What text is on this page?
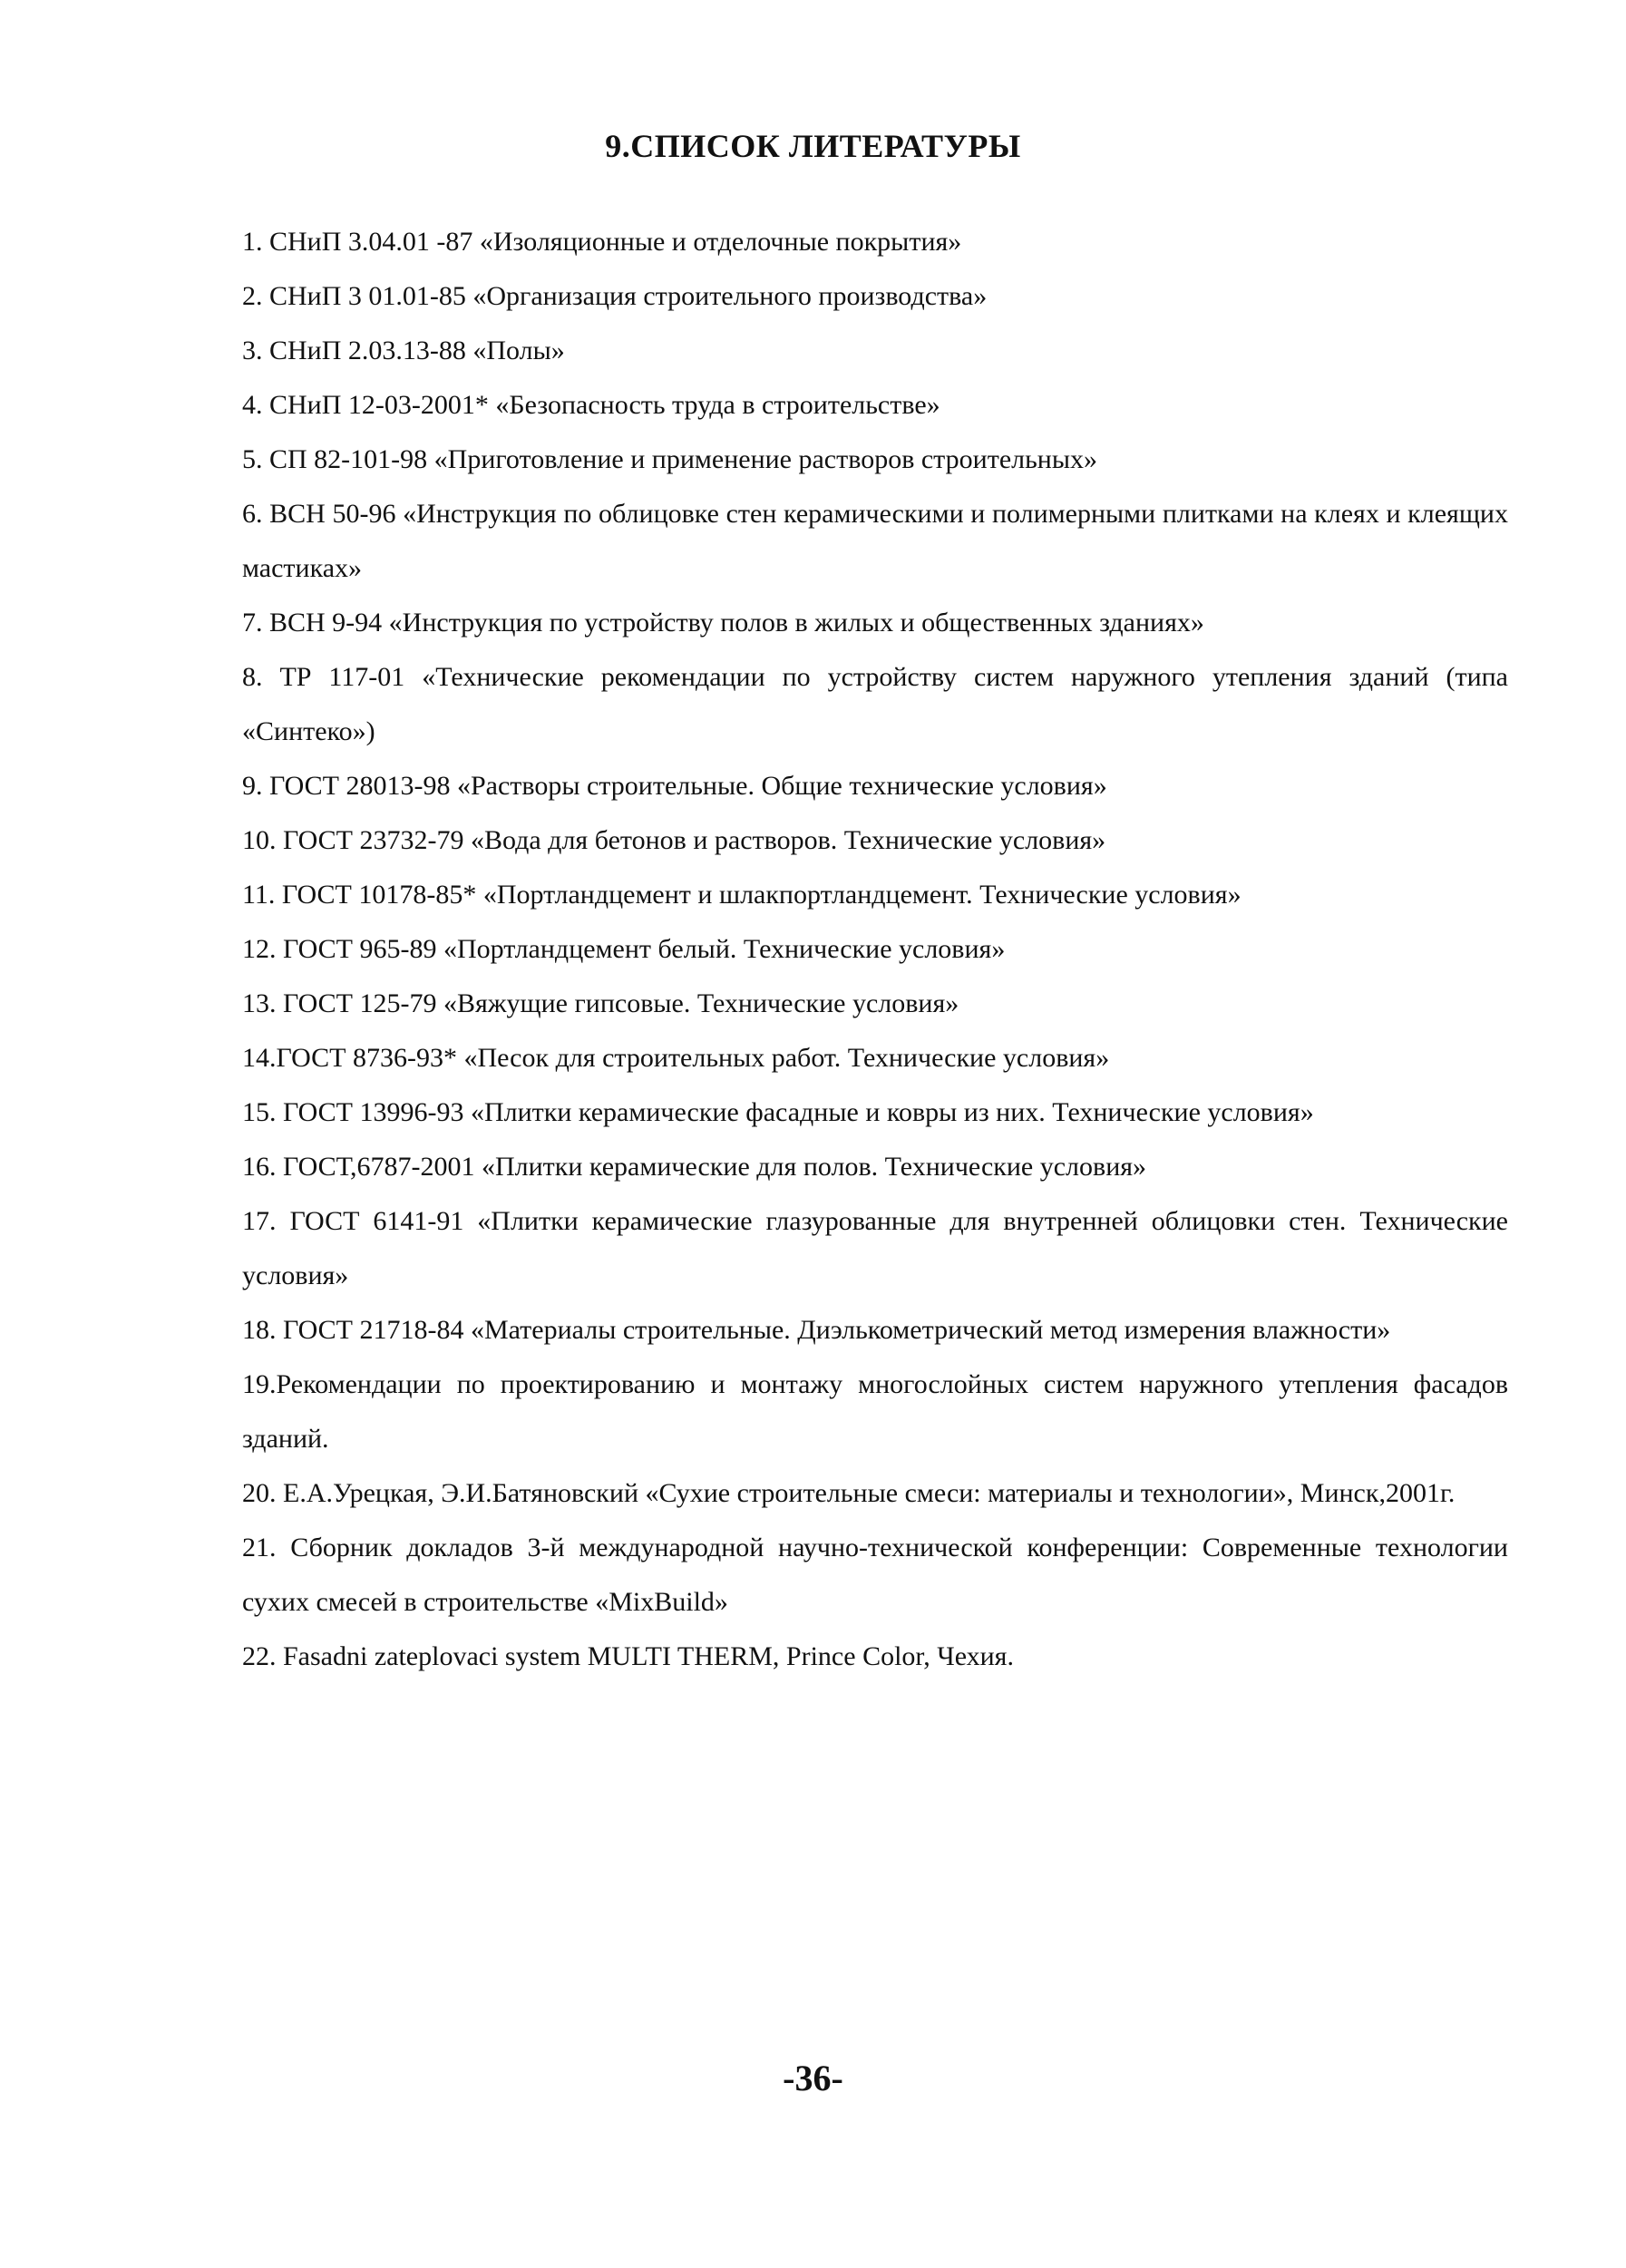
9.СПИСОК ЛИТЕРАТУРЫ
1. СНиП 3.04.01 -87 «Изоляционные и отделочные покрытия»
2. СНиП 3 01.01-85 «Организация строительного производства»
3. СНиП 2.03.13-88 «Полы»
4. СНиП 12-03-2001* «Безопасность труда в строительстве»
5. СП 82-101-98 «Приготовление и применение растворов строительных»
6. ВСН 50-96 «Инструкция по облицовке стен керамическими и полимерными плитками на клеях и клеящих мастиках»
7. ВСН 9-94 «Инструкция по устройству полов в жилых и общественных зданиях»
8. ТР 117-01 «Технические рекомендации по устройству систем наружного утепления зданий (типа «Синтеко»)
9. ГОСТ 28013-98 «Растворы строительные. Общие технические условия»
10. ГОСТ 23732-79 «Вода для бетонов и растворов. Технические условия»
11. ГОСТ 10178-85* «Портландцемент и шлакпортландцемент. Технические условия»
12. ГОСТ 965-89 «Портландцемент белый. Технические условия»
13. ГОСТ 125-79 «Вяжущие гипсовые. Технические условия»
14.ГОСТ 8736-93* «Песок для строительных работ. Технические условия»
15. ГОСТ 13996-93 «Плитки керамические фасадные и ковры из них. Технические условия»
16. ГОСТ,6787-2001 «Плитки керамические для полов. Технические условия»
17. ГОСТ 6141-91 «Плитки керамические глазурованные для внутренней облицовки стен. Технические условия»
18. ГОСТ 21718-84 «Материалы строительные. Диэлькометрический метод измерения влажности»
19.Рекомендации по проектированию и монтажу многослойных систем наружного утепления фасадов зданий.
20. Е.А.Урецкая, Э.И.Батяновский «Сухие строительные смеси: материалы и технологии», Минск,2001г.
21. Сборник докладов 3-й международной научно-технической конференции: Современные технологии сухих смесей в строительстве «MixBuild»
22. Fasadni zateplovaci system MULTI THERM, Prince Color, Чехия.
-36-
